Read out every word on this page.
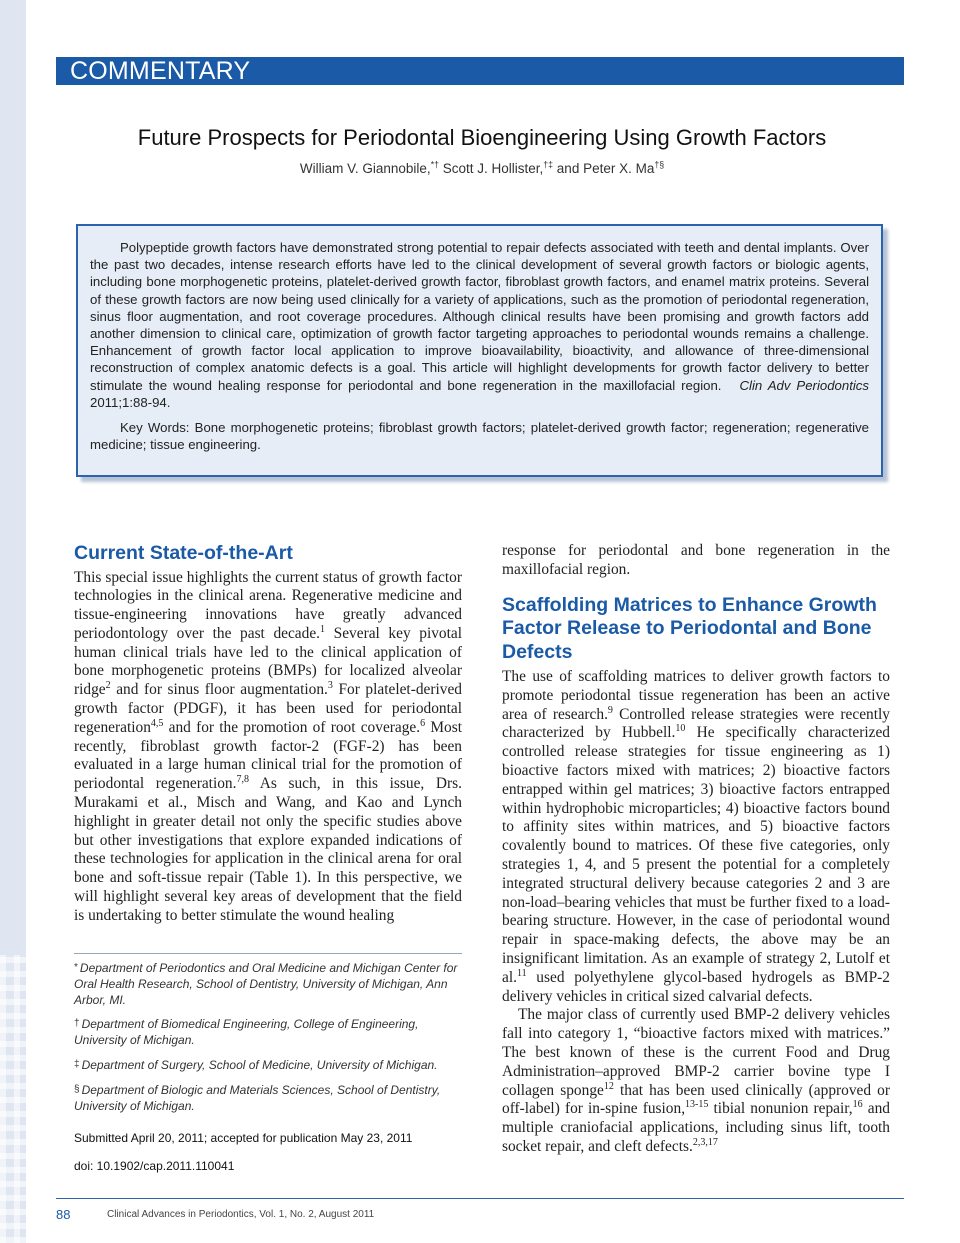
COMMENTARY
Future Prospects for Periodontal Bioengineering Using Growth Factors
William V. Giannobile,*† Scott J. Hollister,†‡ and Peter X. Ma†§

Polypeptide growth factors have demonstrated strong potential to repair defects associated with teeth and dental implants. Over the past two decades, intense research efforts have led to the clinical development of several growth factors or biologic agents, including bone morphogenetic proteins, platelet-derived growth factor, fibroblast growth factors, and enamel matrix proteins. Several of these growth factors are now being used clinically for a variety of applications, such as the promotion of periodontal regeneration, sinus floor augmentation, and root coverage procedures. Although clinical results have been promising and growth factors add another dimension to clinical care, optimization of growth factor targeting approaches to periodontal wounds remains a challenge. Enhancement of growth factor local application to improve bioavailability, bioactivity, and allowance of three-dimensional reconstruction of complex anatomic defects is a goal. This article will highlight developments for growth factor delivery to better stimulate the wound healing response for periodontal and bone regeneration in the maxillofacial region. Clin Adv Periodontics 2011;1:88-94.

Key Words: Bone morphogenetic proteins; fibroblast growth factors; platelet-derived growth factor; regeneration; regenerative medicine; tissue engineering.

Current State-of-the-Art

This special issue highlights the current status of growth factor technologies in the clinical arena. Regenerative medicine and tissue-engineering innovations have greatly advanced periodontology over the past decade.$^1$ Several key pivotal human clinical trials have led to the clinical application of bone morphogenetic proteins (BMPs) for localized alveolar ridge$^2$ and for sinus floor augmentation.$^3$ For platelet-derived growth factor (PDGF), it has been used for periodontal regeneration$^{4,5}$ and for the promotion of root coverage.$^6$ Most recently, fibroblast growth factor-2 (FGF-2) has been evaluated in a large human clinical trial for the promotion of periodontal regeneration.$^{7,8}$ As such, in this issue, Drs. Murakami et al., Misch and Wang, and Kao and Lynch highlight in greater detail not only the specific studies above but other investigations that explore expanded indications of these technologies for application in the clinical arena for oral bone and soft-tissue repair (Table 1). In this perspective, we will highlight several key areas of development that the field is undertaking to better stimulate the wound healing

* Department of Periodontics and Oral Medicine and Michigan Center for Oral Health Research, School of Dentistry, University of Michigan, Ann Arbor, MI.
† Department of Biomedical Engineering, College of Engineering, University of Michigan.
‡ Department of Surgery, School of Medicine, University of Michigan.
§ Department of Biologic and Materials Sciences, School of Dentistry, University of Michigan.
Submitted April 20, 2011; accepted for publication May 23, 2011
doi: 10.1902/cap.2011.110041

response for periodontal and bone regeneration in the maxillofacial region.

Scaffolding Matrices to Enhance Growth Factor Release to Periodontal and Bone Defects

The use of scaffolding matrices to deliver growth factors to promote periodontal tissue regeneration has been an active area of research.$^9$ Controlled release strategies were recently characterized by Hubbell.$^{10}$ He specifically characterized controlled release strategies for tissue engineering as 1) bioactive factors mixed with matrices; 2) bioactive factors entrapped within gel matrices; 3) bioactive factors entrapped within hydrophobic microparticles; 4) bioactive factors bound to affinity sites within matrices, and 5) bioactive factors covalently bound to matrices. Of these five categories, only strategies 1, 4, and 5 present the potential for a completely integrated structural delivery because categories 2 and 3 are non-load–bearing vehicles that must be further fixed to a load-bearing structure. However, in the case of periodontal wound repair in space-making defects, the above may be an insignificant limitation. As an example of strategy 2, Lutolf et al.$^{11}$ used polyethylene glycol-based hydrogels as BMP-2 delivery vehicles in critical sized calvarial defects.

The major class of currently used BMP-2 delivery vehicles fall into category 1, “bioactive factors mixed with matrices.” The best known of these is the current Food and Drug Administration–approved BMP-2 carrier bovine type I collagen sponge$^{12}$ that has been used clinically (approved or off-label) for in-spine fusion,$^{13-15}$ tibial nonunion repair,$^{16}$ and multiple craniofacial applications, including sinus lift, tooth socket repair, and cleft defects.$^{2,3,17}$

88	Clinical Advances in Periodontics, Vol. 1, No. 2, August 2011
